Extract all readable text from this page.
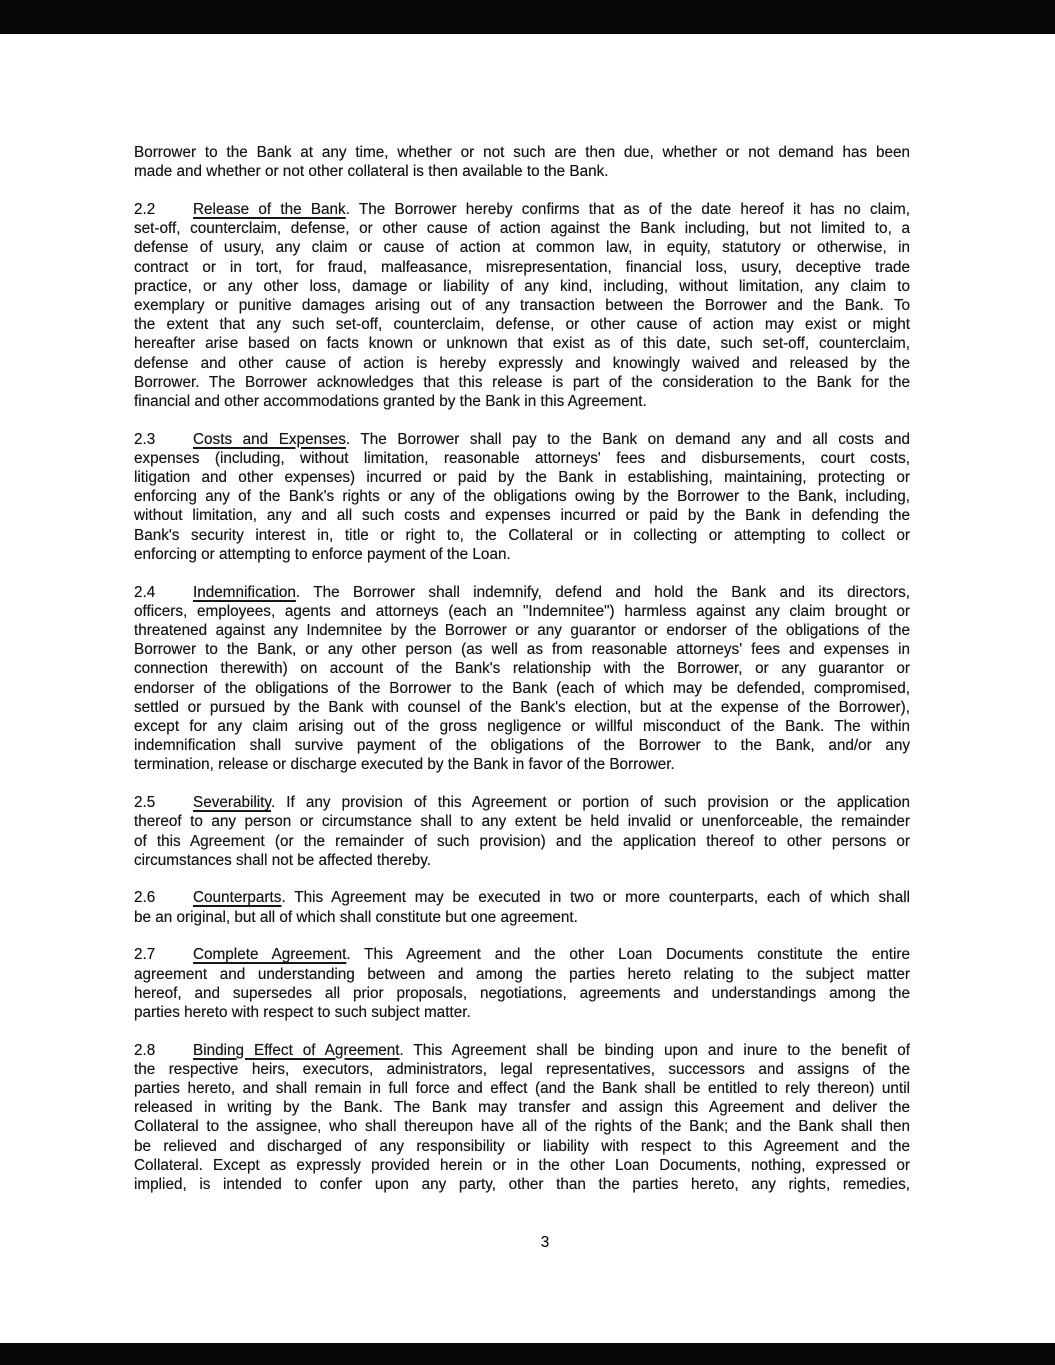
Borrower to the Bank at any time, whether or not such are then due, whether or not demand has been
made and whether or not other collateral is then available to the Bank.
2.2 Release of the Bank. The Borrower hereby confirms that as of the date hereof it has no claim,
set-off, counterclaim, defense, or other cause of action against the Bank including, but not limited to, a
defense of usury, any claim or cause of action at common law, in equity, statutory or otherwise, in
contract or in tort, for fraud, malfeasance, misrepresentation, financial loss, usury, deceptive trade
practice, or any other loss, damage or liability of any kind, including, without limitation, any claim to
exemplary or punitive damages arising out of any transaction between the Borrower and the Bank. To
the extent that any such set-off, counterclaim, defense, or other cause of action may exist or might
hereafter arise based on facts known or unknown that exist as of this date, such set-off, counterclaim,
defense and other cause of action is hereby expressly and knowingly waived and released by the
Borrower. The Borrower acknowledges that this release is part of the consideration to the Bank for the
financial and other accommodations granted by the Bank in this Agreement.
2.3 Costs and Expenses. The Borrower shall pay to the Bank on demand any and all costs and
expenses (including, without limitation, reasonable attorneys' fees and disbursements, court costs,
litigation and other expenses) incurred or paid by the Bank in establishing, maintaining, protecting or
enforcing any of the Bank's rights or any of the obligations owing by the Borrower to the Bank, including,
without limitation, any and all such costs and expenses incurred or paid by the Bank in defending the
Bank's security interest in, title or right to, the Collateral or in collecting or attempting to collect or
enforcing or attempting to enforce payment of the Loan.
2.4 Indemnification. The Borrower shall indemnify, defend and hold the Bank and its directors,
officers, employees, agents and attorneys (each an "Indemnitee") harmless against any claim brought or
threatened against any Indemnitee by the Borrower or any guarantor or endorser of the obligations of the
Borrower to the Bank, or any other person (as well as from reasonable attorneys' fees and expenses in
connection therewith) on account of the Bank's relationship with the Borrower, or any guarantor or
endorser of the obligations of the Borrower to the Bank (each of which may be defended, compromised,
settled or pursued by the Bank with counsel of the Bank's election, but at the expense of the Borrower),
except for any claim arising out of the gross negligence or willful misconduct of the Bank. The within
indemnification shall survive payment of the obligations of the Borrower to the Bank, and/or any
termination, release or discharge executed by the Bank in favor of the Borrower.
2.5 Severability. If any provision of this Agreement or portion of such provision or the application
thereof to any person or circumstance shall to any extent be held invalid or unenforceable, the remainder
of this Agreement (or the remainder of such provision) and the application thereof to other persons or
circumstances shall not be affected thereby.
2.6 Counterparts. This Agreement may be executed in two or more counterparts, each of which shall
be an original, but all of which shall constitute but one agreement.
2.7 Complete Agreement. This Agreement and the other Loan Documents constitute the entire
agreement and understanding between and among the parties hereto relating to the subject matter
hereof, and supersedes all prior proposals, negotiations, agreements and understandings among the
parties hereto with respect to such subject matter.
2.8 Binding Effect of Agreement. This Agreement shall be binding upon and inure to the benefit of
the respective heirs, executors, administrators, legal representatives, successors and assigns of the
parties hereto, and shall remain in full force and effect (and the Bank shall be entitled to rely thereon) until
released in writing by the Bank. The Bank may transfer and assign this Agreement and deliver the
Collateral to the assignee, who shall thereupon have all of the rights of the Bank; and the Bank shall then
be relieved and discharged of any responsibility or liability with respect to this Agreement and the
Collateral. Except as expressly provided herein or in the other Loan Documents, nothing, expressed or
implied, is intended to confer upon any party, other than the parties hereto, any rights, remedies,
3
